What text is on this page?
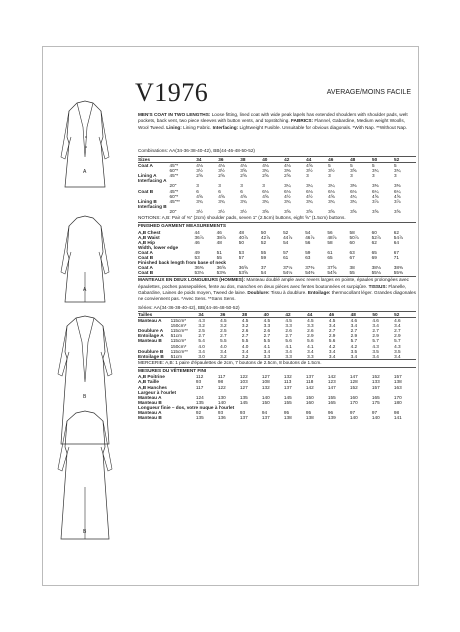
A
A
B
B
V1976	AVERAGE/MOINS FACILE
MEN'S COAT IN TWO LENGTHS: Loose fitting, lined coat with wide peak lapels has extended shoulders with shoulder pads, welt pockets, back vent, two piece sleeves with button vents, and topstitching. FABRICS: Flannel, Gabardine, Medium weight Woolls, Wool Tweed. Lining: Lining Fabric. Interfacing: Lightweight Fusible. Unsuitable for obvious diagonals. *With Nap. **Without Nap.
Combinations: AA(34-36-38-40-42), BB(44-46-48-50-52)
Sizes		34	36	38	40	42	44	46	48	50	52
Coat A	45"*	4⅛	4⅛	4⅛	4⅛	4⅛	4⅝	5	5	5	5
	60"*	3½	3½	3⅝	3¾	3⅜	3½	3½	3⅝	3¾	3¾
Lining A	45"*	2⅝	2⅝	2⅝	2⅝	2⅝	3	3	3	3	3
Interfacing A											
	20"	3	3	3	3	3¼	3¼	3¼	3⅜	3⅜	3⅜
Coat B	45"*	6	6	6	6⅛	6⅛	6⅛	6⅛	6⅛	6¼	6¼
	60"*	4⅝	4⅝	4⅝	4⅝	4½	4½	4⅝	4¾	4⅝	4⅝
Lining B	45"**	3¾	3¾	3¾	3¾	3¾	3¾	3¾	3¾	3⅞	3⅞
Interfacing B											
	20"	3½	3½	3½	3⅝	3⅝	3⅝	3⅝	3⅝	3⅝	3⅝
NOTIONS: A,B: Pair of ⅜" (2cm) shoulder pads, seven 1" (2.5cm) buttons, eight ⅝" (1.5cm) buttons.
FINISHED GARMENT MEASUREMENTS
A,B Chest		44	46	48	50	52	54	56	58	60	62
A,B Waist		36⅞	38⅞	40⅞	42⅞	44⅞	46⅞	48⅞	50⅞	52⅞	54⅞
A,B Hip		46	48	50	52	54	56	58	60	62	64
Width, lower edge											
Coat A		49	51	53	55	57	59	61	63	65	67
Coat B		53	55	57	59	61	63	65	67	69	71
Finished back length from base of neck											
Coat A		36⅜	36⅝	36⅝	37	37⅛	37⅜	37⅝	38	38⅛	38⅜
Coat B		53⅛	53⅜	53⅝	54	54⅛	54⅜	54⅝	55	55⅛	55⅜
MANTEAUX EN DEUX LONGUEURS (HOMMES): Manteau doublé ample avec revers larges en pointe, épaules prolongées avec épaulettes, poches passepoilées, fente au dos, manches en deux pièces avec fentes boutonnées et surpiqûre. TISSUS: Flanelle, Gabardine, Laines de poids moyen, Tweed de laine. Doublure: Tissu à doublure. Entoilage: thermocollant léger. Grandes diagonales ne conviennent pas. *Avec Sens. **Sans Sens.
Séries: AA(34-36-38-40-42), BB(44-46-48-50-52)
Tailles		34	36	38	40	42	44	46	48	50	52
Manteau A	115cm*	4.3	4.5	4.5	4.5	4.5	4.5	4.5	4.6	4.6	4.6
	150cm*	3.2	3.2	3.2	3.3	3.3	3.3	3.4	3.4	3.4	3.4
Doublure A	115cm**	2.5	2.5	2.6	2.6	2.6	2.6	2.7	2.7	2.7	2.7
Entoilage A	51cm	2.7	2.7	2.7	2.7	2.7	2.9	2.9	2.9	2.9	2.9
Manteau B	115cm*	5.4	5.5	5.5	5.5	5.6	5.6	5.6	5.7	5.7	5.7
	150cm*	4.0	4.0	4.0	4.1	4.1	4.1	4.2	4.2	4.3	4.3
Doublure B	115cm**	3.4	3.4	3.4	3.4	3.4	3.4	3.4	3.5	3.5	3.5
Entoilage B	51cm	3.0	3.2	3.2	3.3	3.3	3.3	3.4	3.4	3.4	3.4
MERCERIE: A,B: 1 paire d'épaulettes de 2cm, 7 boutons de 2.5cm, 8 boutons de 1.5cm.
MESURES DU VÊTEMENT FINI
A,B Poitrine		112	117	122	127	132	137	142	147	152	157
A,B Taille		93	98	103	108	113	118	123	128	133	138
A,B Hanches		117	122	127	132	137	142	147	152	157	163
Largeur à l'ourlet											
Manteau A		124	130	135	140	145	150	155	160	165	170
Manteau B		135	140	145	150	155	160	165	170	175	180
Longueur finie – dos, votre nuque à l'ourlet											
Manteau A		92	93	93	94	95	95	96	97	97	98
Manteau B		135	136	137	137	138	138	139	140	140	141
